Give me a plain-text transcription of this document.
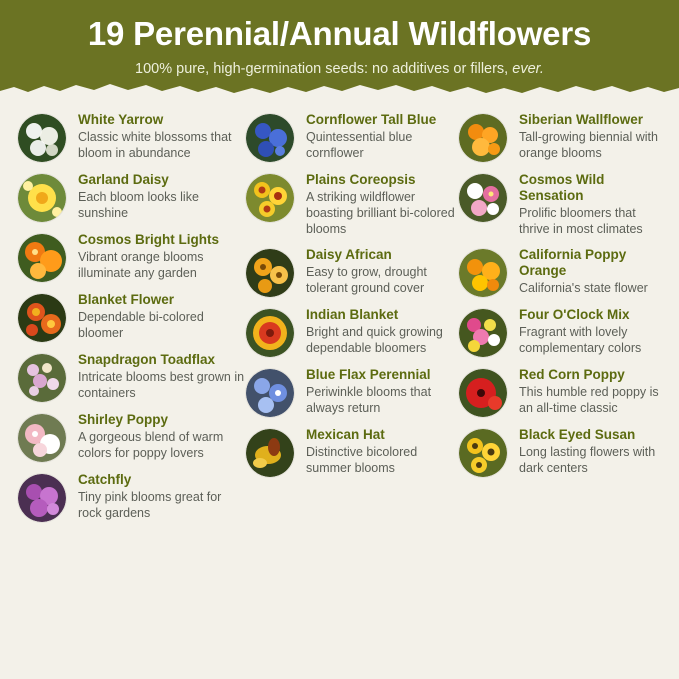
19 Perennial/Annual Wildflowers
100% pure, high-germination seeds: no additives or fillers, ever.
White Yarrow
Classic white blossoms that bloom in abundance
Garland Daisy
Each bloom looks like sunshine
Cosmos Bright Lights
Vibrant orange blooms illuminate any garden
Blanket Flower
Dependable bi-colored bloomer
Snapdragon Toadflax
Intricate blooms best grown in containers
Shirley Poppy
A gorgeous blend of warm colors for poppy lovers
Catchfly
Tiny pink blooms great for rock gardens
Cornflower Tall Blue
Quintessential blue cornflower
Plains Coreopsis
A striking wildflower boasting brilliant bi-colored blooms
Daisy African
Easy to grow, drought tolerant ground cover
Indian Blanket
Bright and quick growing dependable bloomers
Blue Flax Perennial
Periwinkle blooms that always return
Mexican Hat
Distinctive bicolored summer blooms
Siberian Wallflower
Tall-growing biennial with orange blooms
Cosmos Wild Sensation
Prolific bloomers that thrive in most climates
California Poppy Orange
California's state flower
Four O'Clock Mix
Fragrant with lovely complementary colors
Red Corn Poppy
This humble red poppy is an all-time classic
Black Eyed Susan
Long lasting flowers with dark centers
